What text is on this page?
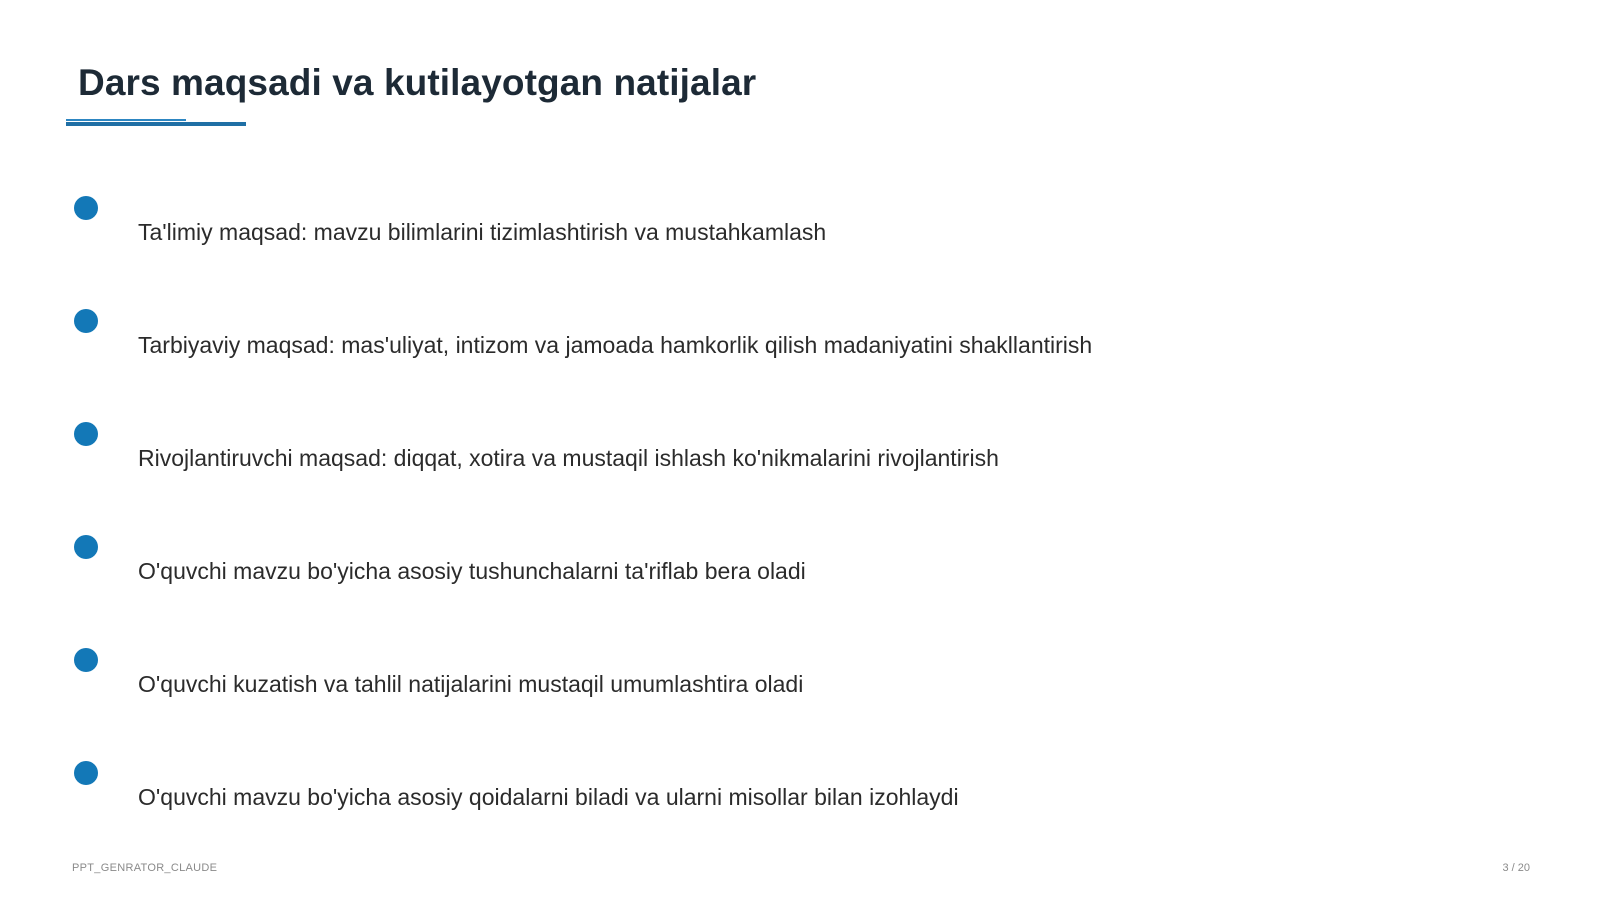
Dars maqsadi va kutilayotgan natijalar
Ta'limiy maqsad: mavzu bilimlarini tizimlashtirish va mustahkamlash
Tarbiyaviy maqsad: mas'uliyat, intizom va jamoada hamkorlik qilish madaniyatini shakllantirish
Rivojlantiruvchi maqsad: diqqat, xotira va mustaqil ishlash ko'nikmalarini rivojlantirish
O'quvchi mavzu bo'yicha asosiy tushunchalarni ta'riflab bera oladi
O'quvchi kuzatish va tahlil natijalarini mustaqil umumlashtira oladi
O'quvchi mavzu bo'yicha asosiy qoidalarni biladi va ularni misollar bilan izohlaydi
PPT_GENRATOR_CLAUDE	3 / 20
